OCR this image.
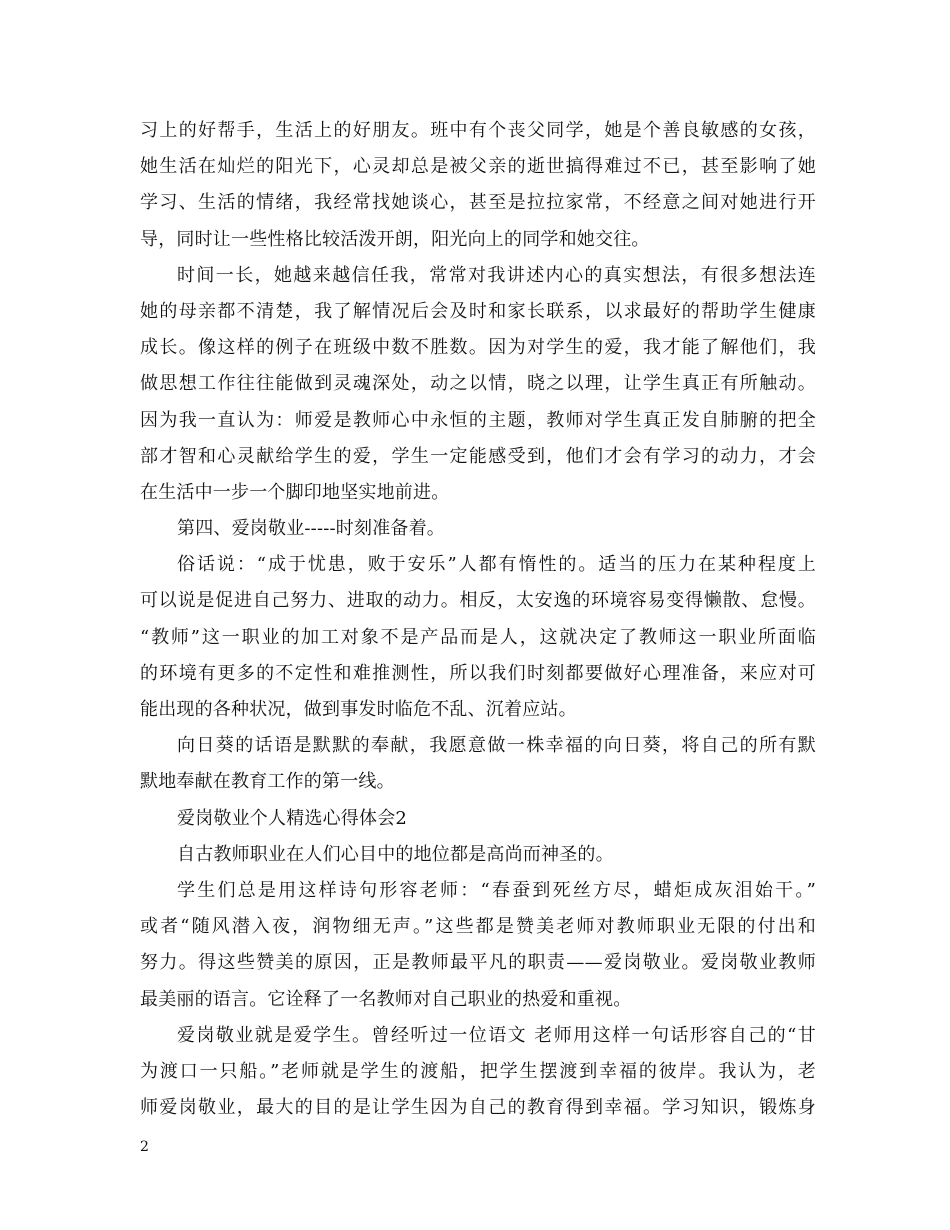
习上的好帮手，生活上的好朋友。班中有个丧父同学，她是个善良敏感的女孩，
她生活在灿烂的阳光下，心灵却总是被父亲的逝世搞得难过不已，甚至影响了她
学习、生活的情绪，我经常找她谈心，甚至是拉拉家常，不经意之间对她进行开
导，同时让一些性格比较活泼开朗，阳光向上的同学和她交往。
时间一长，她越来越信任我，常常对我讲述内心的真实想法，有很多想法连
她的母亲都不清楚，我了解情况后会及时和家长联系，以求最好的帮助学生健康
成长。像这样的例子在班级中数不胜数。因为对学生的爱，我才能了解他们，我
做思想工作往往能做到灵魂深处，动之以情，晓之以理，让学生真正有所触动。
因为我一直认为：师爱是教师心中永恒的主题，教师对学生真正发自肺腑的把全
部才智和心灵献给学生的爱，学生一定能感受到，他们才会有学习的动力，才会
在生活中一步一个脚印地坚实地前进。
第四、爱岗敬业-----时刻准备着。
俗话说：“成于忧患，败于安乐”人都有惰性的。适当的压力在某种程度上
可以说是促进自己努力、进取的动力。相反，太安逸的环境容易变得懒散、怠慢。
“教师”这一职业的加工对象不是产品而是人，这就决定了教师这一职业所面临
的环境有更多的不定性和难推测性，所以我们时刻都要做好心理准备，来应对可
能出现的各种状况，做到事发时临危不乱、沉着应站。
向日葵的话语是默默的奉献，我愿意做一株幸福的向日葵，将自己的所有默
默地奉献在教育工作的第一线。
爱岗敬业个人精选心得体会2
自古教师职业在人们心目中的地位都是高尚而神圣的。
学生们总是用这样诗句形容老师：“春蚕到死丝方尽，蜡炬成灰泪始干。”
或者“随风潜入夜，润物细无声。”这些都是赞美老师对教师职业无限的付出和
努力。得这些赞美的原因，正是教师最平凡的职责——爱岗敬业。爱岗敬业教师
最美丽的语言。它诠释了一名教师对自己职业的热爱和重视。
爱岗敬业就是爱学生。曾经听过一位语文 老师用这样一句话形容自己的“甘
为渡口一只船。”老师就是学生的渡船，把学生摆渡到幸福的彼岸。我认为，老
师爱岗敬业，最大的目的是让学生因为自己的教育得到幸福。学习知识，锻炼身
2
